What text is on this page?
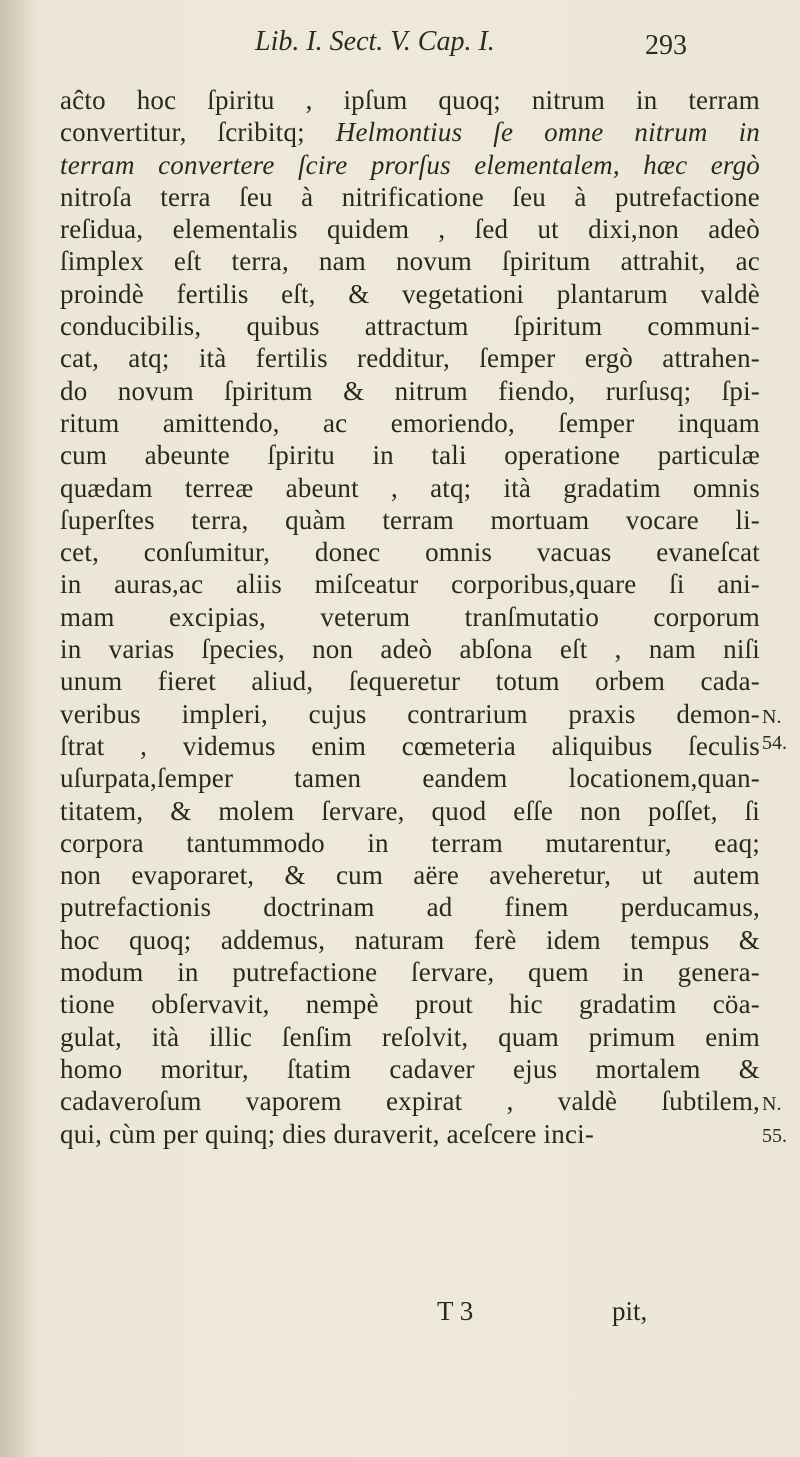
Lib. I. Sect. V. Cap. I.	293
aĉto hoc ſpiritu , ipſum quoq; nitrum in terram
convertitur, ſcribitq; Helmontius ſe omne nitrum in
terram convertere ſcire prorſus elementalem, hæc ergò
nitroſa terra ſeu à nitrificatione ſeu à putrefactione
reſidua, elementalis quidem , ſed ut dixi,non adeò
ſimplex eſt terra, nam novum ſpiritum attrahit, ac
proindè fertilis eſt, & vegetationi plantarum valdè
conducibilis, quibus attractum ſpiritum communi-
cat, atq; ità fertilis redditur, ſemper ergò attrahen-
do novum ſpiritum & nitrum fiendo, rurſusq; ſpi-
ritum amittendo, ac emoriendo, ſemper inquam
cum abeunte ſpiritu in tali operatione particulæ
quædam terreæ abeunt , atq; ità gradatim omnis
ſuperſtes terra, quàm terram mortuam vocare li-
cet, conſumitur, donec omnis vacuas evaneſcat
in auras,ac aliis miſceatur corporibus,quare ſi ani-
mam excipias, veterum tranſmutatio corporum
in varias ſpecies, non adeò abſona eſt , nam niſi
unum fieret aliud, ſequeretur totum orbem cada-
veribus impleri, cujus contrarium praxis demon-
ſtrat , videmus enim cœmeteria aliquibus ſeculis
uſurpata,ſemper tamen eandem locationem,quan-
titatem, & molem ſervare, quod eſſe non poſſet, ſi
corpora tantummodo in terram mutarentur, eaq;
non evaporaret, & cum aëre aveheretur, ut autem
putrefactionis doctrinam ad finem perducamus,
hoc quoq; addemus, naturam ferè idem tempus &
modum in putrefactione ſervare, quem in genera-
tione obſervavit, nempè prout hic gradatim cöa-
gulat, ità illic ſenſim reſolvit, quam primum enim
homo moritur, ſtatim cadaver ejus mortalem &
cadaveroſum vaporem expirat , valdè ſubtilem,
qui, cùm per quinq; dies duraverit, aceſcere inci-
N.
54.
N.
55.
T 3	pit,
